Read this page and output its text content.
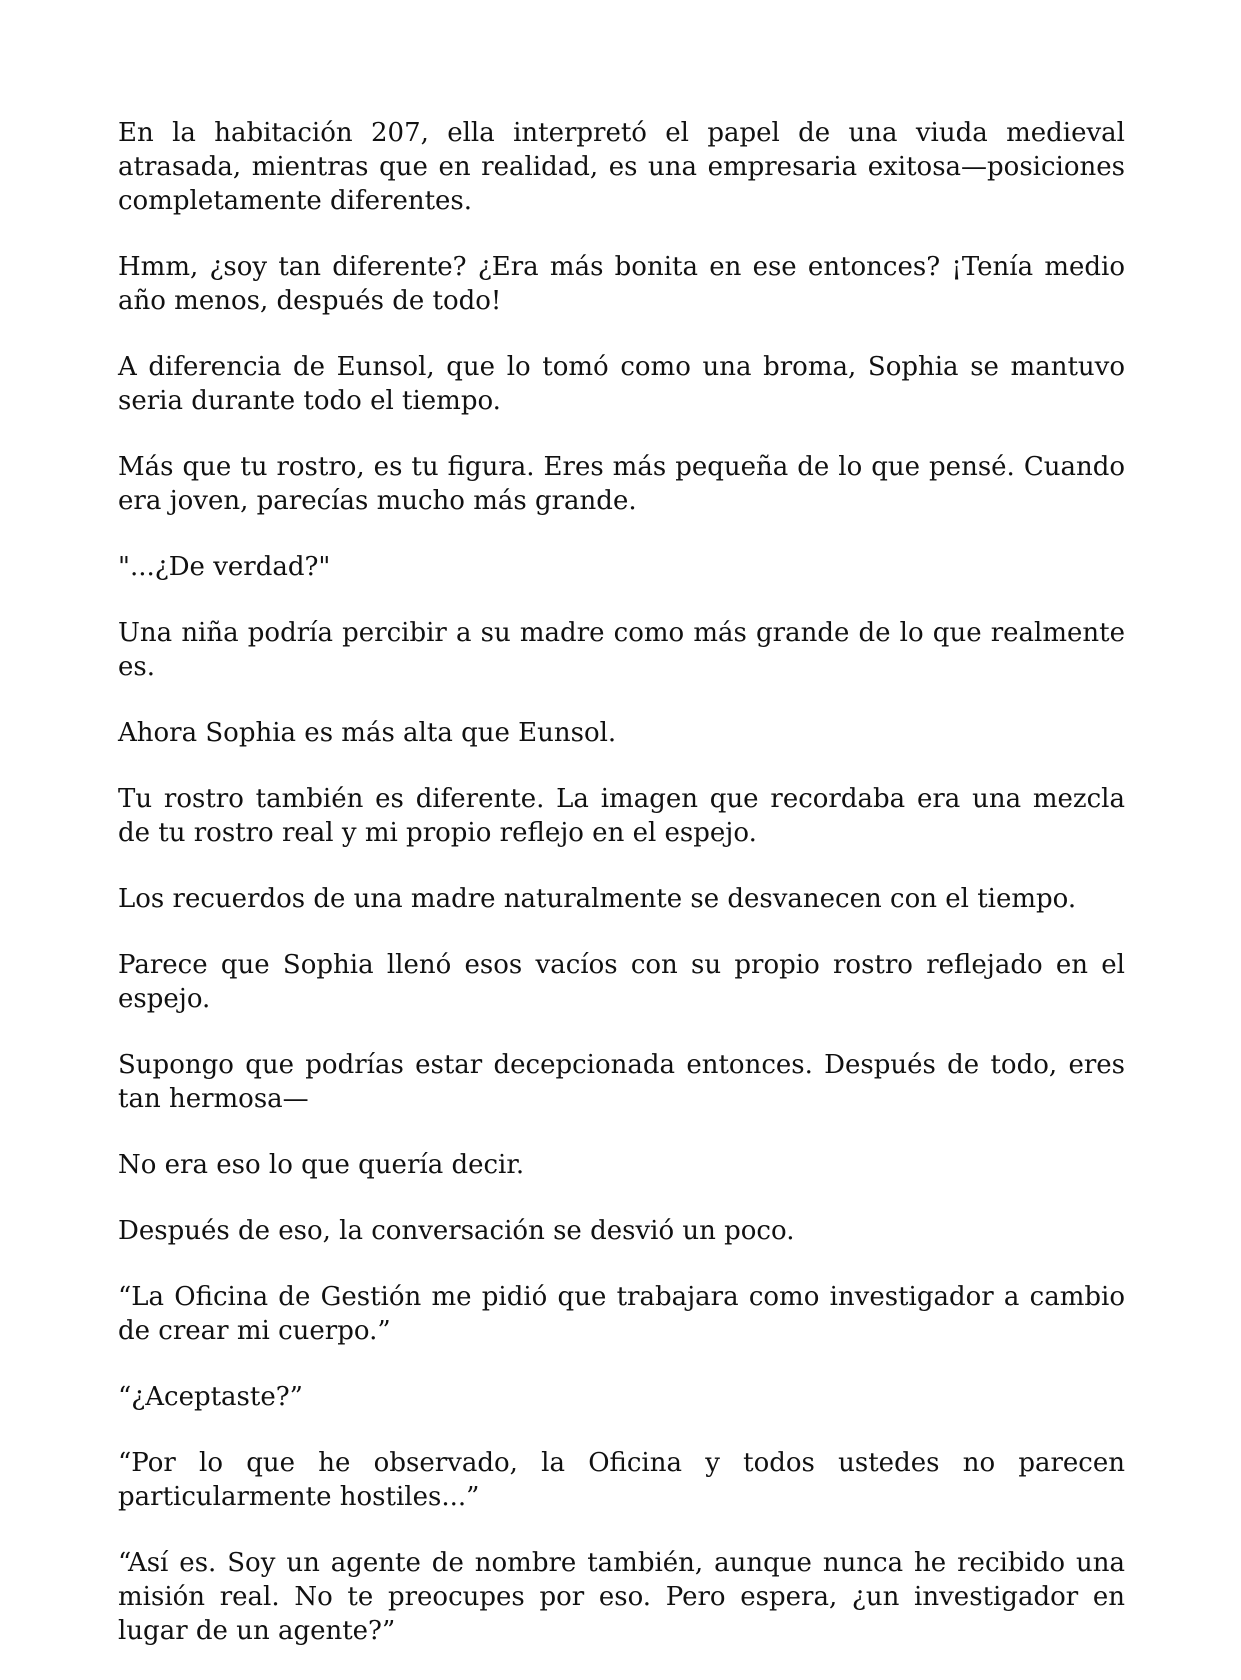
En la habitación 207, ella interpretó el papel de una viuda medieval atrasada, mientras que en realidad, es una empresaria exitosa—posiciones completamente diferentes.

Hmm, ¿soy tan diferente? ¿Era más bonita en ese entonces? ¡Tenía medio año menos, después de todo!

A diferencia de Eunsol, que lo tomó como una broma, Sophia se mantuvo seria durante todo el tiempo.

Más que tu rostro, es tu figura. Eres más pequeña de lo que pensé. Cuando era joven, parecías mucho más grande.

"...¿De verdad?"

Una niña podría percibir a su madre como más grande de lo que realmente es.

Ahora Sophia es más alta que Eunsol.

Tu rostro también es diferente. La imagen que recordaba era una mezcla de tu rostro real y mi propio reflejo en el espejo.

Los recuerdos de una madre naturalmente se desvanecen con el tiempo.

Parece que Sophia llenó esos vacíos con su propio rostro reflejado en el espejo.

Supongo que podrías estar decepcionada entonces. Después de todo, eres tan hermosa—

No era eso lo que quería decir.

Después de eso, la conversación se desvió un poco.

“La Oficina de Gestión me pidió que trabajara como investigador a cambio de crear mi cuerpo.”

“¿Aceptaste?”

“Por lo que he observado, la Oficina y todos ustedes no parecen particularmente hostiles...”

“Así es. Soy un agente de nombre también, aunque nunca he recibido una misión real. No te preocupes por eso. Pero espera, ¿un investigador en lugar de un agente?”
